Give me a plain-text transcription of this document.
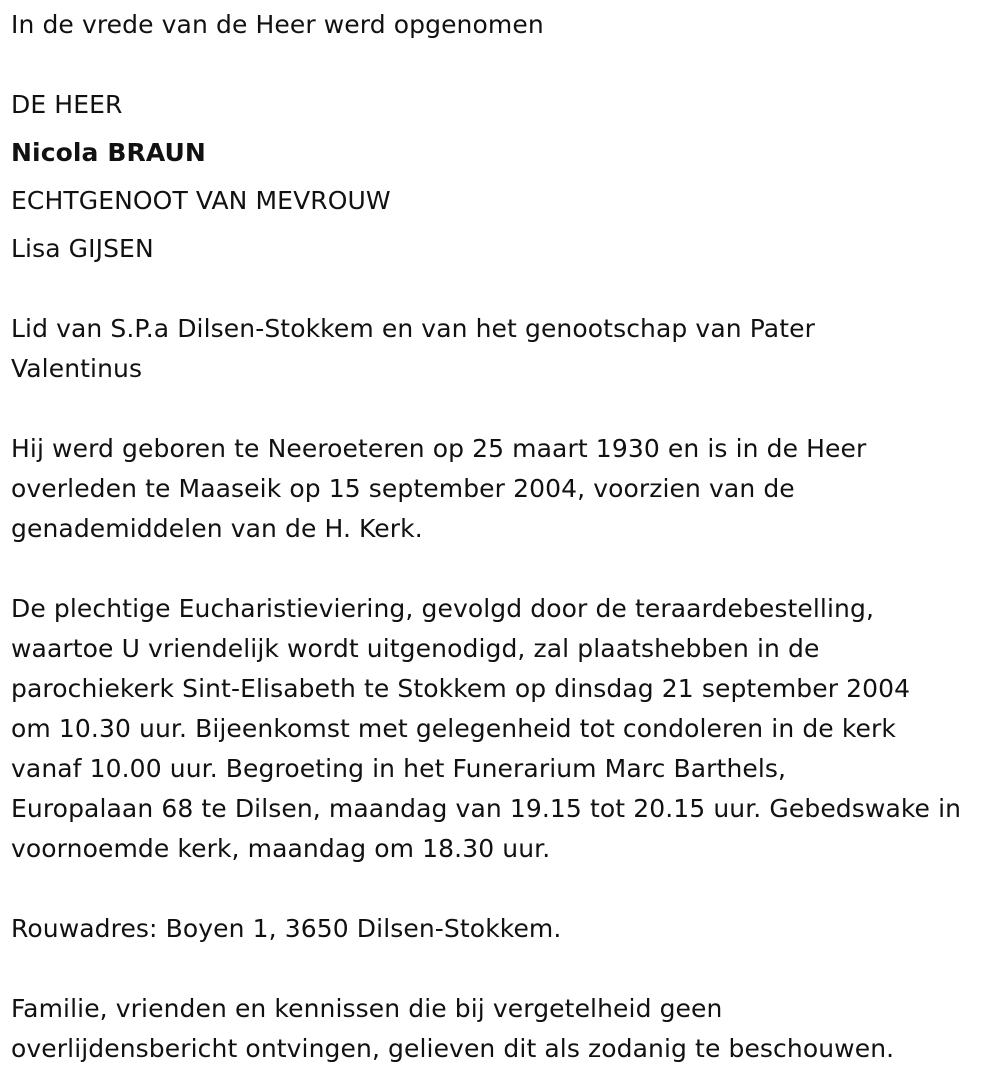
In de vrede van de Heer werd opgenomen
DE HEER
Nicola BRAUN
ECHTGENOOT VAN MEVROUW
Lisa GIJSEN
Lid van S.P.a Dilsen-Stokkem en van het genootschap van Pater
Valentinus
Hij werd geboren te Neeroeteren op 25 maart 1930 en is in de Heer
overleden te Maaseik op 15 september 2004, voorzien van de
genademiddelen van de H. Kerk.
De plechtige Eucharistieviering, gevolgd door de teraardebestelling,
waartoe U vriendelijk wordt uitgenodigd, zal plaatshebben in de
parochiekerk Sint-Elisabeth te Stokkem op dinsdag 21 september 2004
om 10.30 uur. Bijeenkomst met gelegenheid tot condoleren in de kerk
vanaf 10.00 uur. Begroeting in het Funerarium Marc Barthels,
Europalaan 68 te Dilsen, maandag van 19.15 tot 20.15 uur. Gebedswake in
voornoemde kerk, maandag om 18.30 uur.
Rouwadres: Boyen 1, 3650 Dilsen-Stokkem.
Familie, vrienden en kennissen die bij vergetelheid geen
overlijdensbericht ontvingen, gelieven dit als zodanig te beschouwen.
